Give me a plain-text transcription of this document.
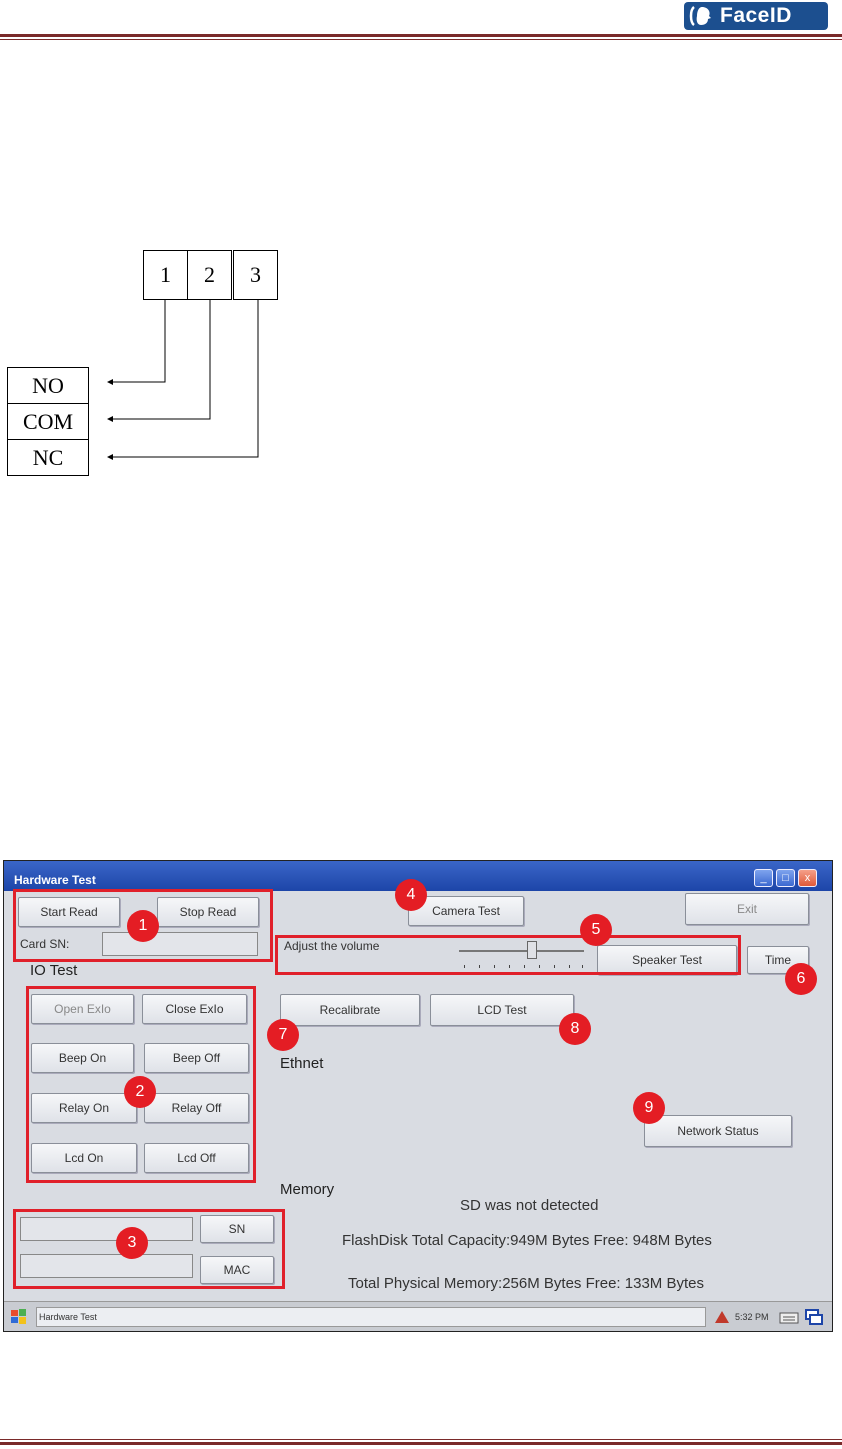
FaceID
1	2	3
NO
COM
NC
Hardware Test	_	□	x
Start Read	Stop Read
Card SN:
1
IO Test
Open ExIo	Close ExIo
Beep On	Beep Off
Relay On	Relay Off
Lcd On	Lcd Off
2
SN
MAC
3
Camera Test
4
Exit
Adjust the volume
Speaker Test
5
Time
6
Recalibrate
7
LCD Test
8
Ethnet
Network Status
9
Memory
SD was not detected
FlashDisk Total Capacity:949M Bytes Free: 948M Bytes
Total Physical Memory:256M Bytes Free: 133M Bytes
Hardware Test	5:32 PM
